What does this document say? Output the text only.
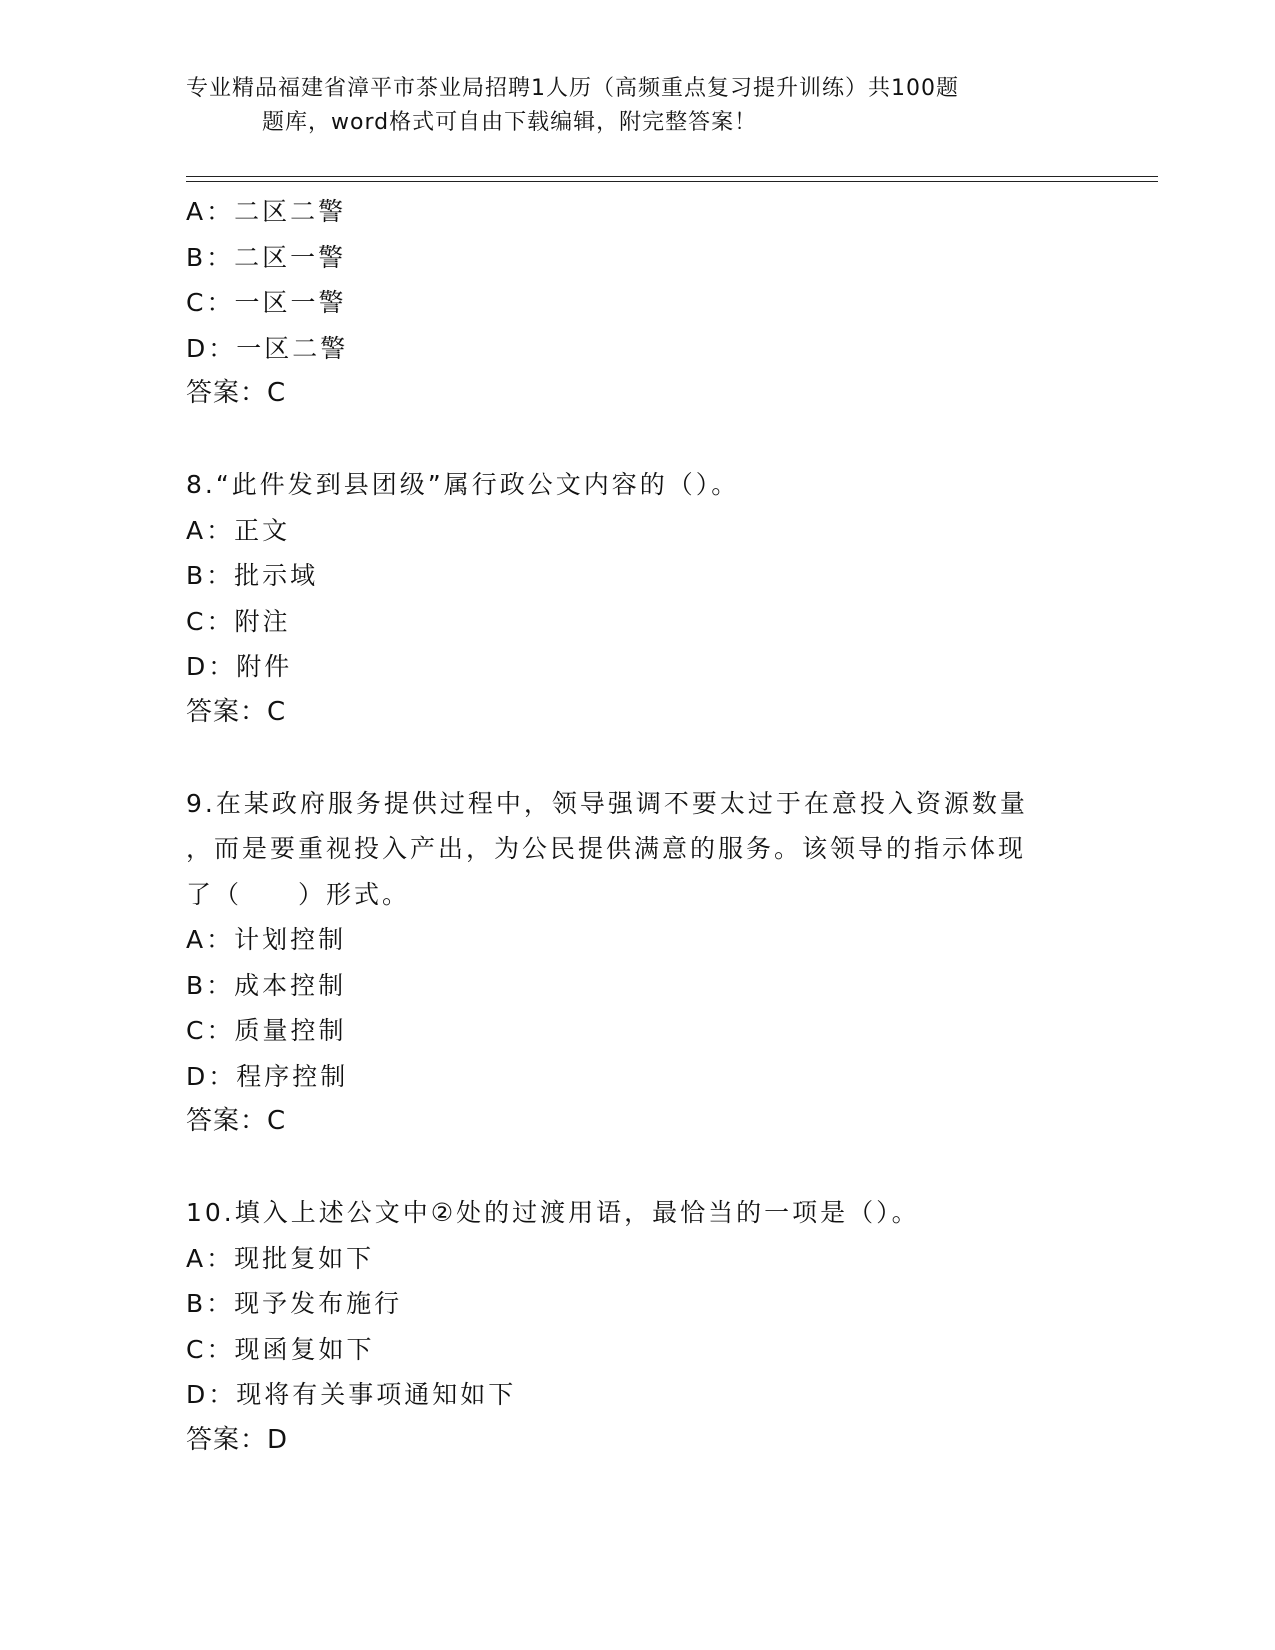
专业精品福建省漳平市茶业局招聘1人历（高频重点复习提升训练）共100题
题库，word格式可自由下载编辑，附完整答案！
A：二区二警
B：二区一警
C：一区一警
D：一区二警
答案：C
8.“此件发到县团级”属行政公文内容的（）。
A：正文
B：批示域
C：附注
D：附件
答案：C
9.在某政府服务提供过程中，领导强调不要太过于在意投入资源数量
，而是要重视投入产出，为公民提供满意的服务。该领导的指示体现
了（　　）形式。
A：计划控制
B：成本控制
C：质量控制
D：程序控制
答案：C
10.填入上述公文中②处的过渡用语，最恰当的一项是（）。
A：现批复如下
B：现予发布施行
C：现函复如下
D：现将有关事项通知如下
答案：D
